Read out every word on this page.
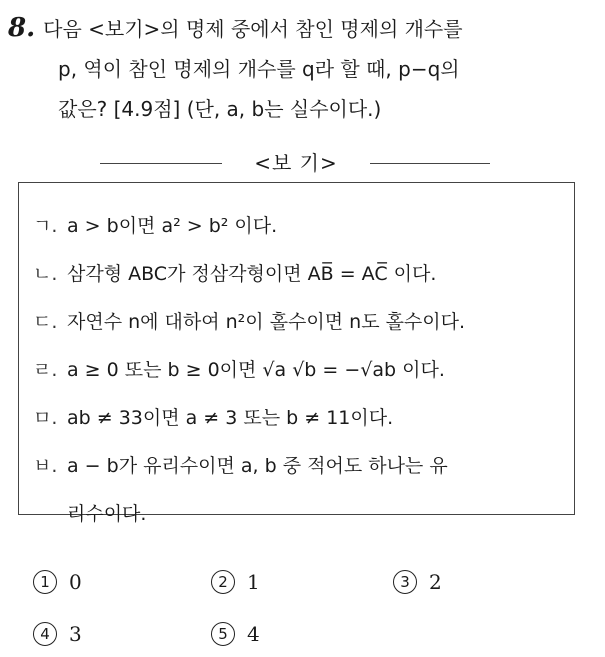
8. 다음 <보기>의 명제 중에서 참인 명제의 개수를
p, 역이 참인 명제의 개수를 q라 할 때, p−q의
값은? [4.9점] (단, a, b는 실수이다.)
<보 기>
ㄱ. a > b이면 a² > b² 이다.
ㄴ. 삼각형 ABC가 정삼각형이면 AB̅ = AC̅ 이다.
ㄷ. 자연수 n에 대하여 n²이 홀수이면 n도 홀수이다.
ㄹ. a ≥ 0 또는 b ≥ 0이면 √a √b = −√ab 이다.
ㅁ. ab ≠ 33이면 a ≠ 3 또는 b ≠ 11이다.
ㅂ. a − b가 유리수이면 a, b 중 적어도 하나는 유
리수이다.
1 0	2 1	3 2
4 3	5 4
